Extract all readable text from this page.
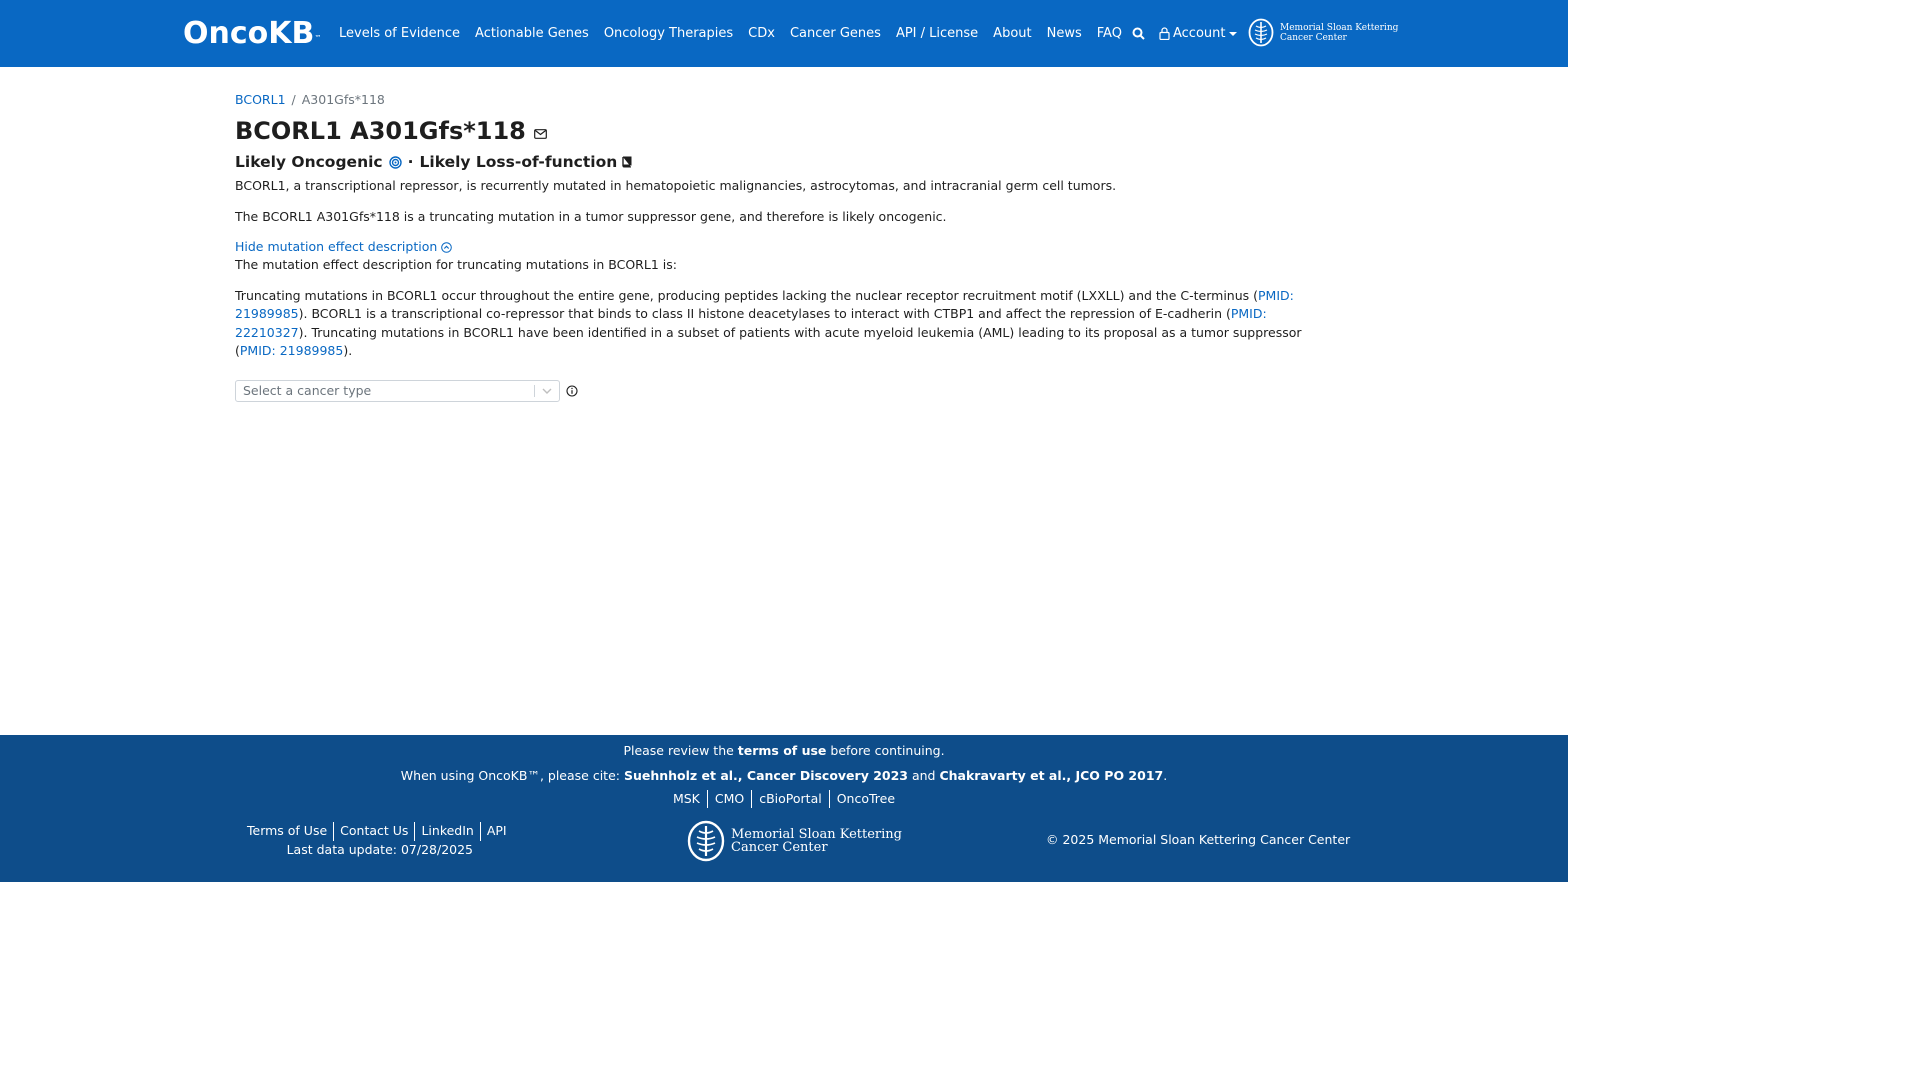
OncoKB™ Levels of Evidence Actionable Genes Oncology Therapies CDx Cancer Genes API / License About News FAQ	Account	Memorial Sloan Kettering
Cancer Center
BCORL1 / A301Gfs*118
BCORL1 A301Gfs*118
Likely Oncogenic · Likely Loss-of-function

BCORL1, a transcriptional repressor, is recurrently mutated in hematopoietic malignancies, astrocytomas, and intracranial germ cell tumors.

The BCORL1 A301Gfs*118 is a truncating mutation in a tumor suppressor gene, and therefore is likely oncogenic.

Hide mutation effect description

The mutation effect description for truncating mutations in BCORL1 is:

Truncating mutations in BCORL1 occur throughout the entire gene, producing peptides lacking the nuclear receptor recruitment motif (LXXLL) and the C-terminus (PMID: 21989985). BCORL1 is a transcriptional co-repressor that binds to class II histone deacetylases to interact with CTBP1 and affect the repression of E-cadherin (PMID: 22210327). Truncating mutations in BCORL1 have been identified in a subset of patients with acute myeloid leukemia (AML) leading to its proposal as a tumor suppressor (PMID: 21989985).

Select a cancer type
Please review the terms of use before continuing.
When using OncoKB™, please cite: Suehnholz et al., Cancer Discovery 2023 and Chakravarty et al., JCO PO 2017.
MSK	CMO	cBioPortal	OncoTree
Terms of Use	Contact Us	LinkedIn	API
Last data update: 07/28/2025
Memorial Sloan Kettering
Cancer Center
© 2025 Memorial Sloan Kettering Cancer Center
